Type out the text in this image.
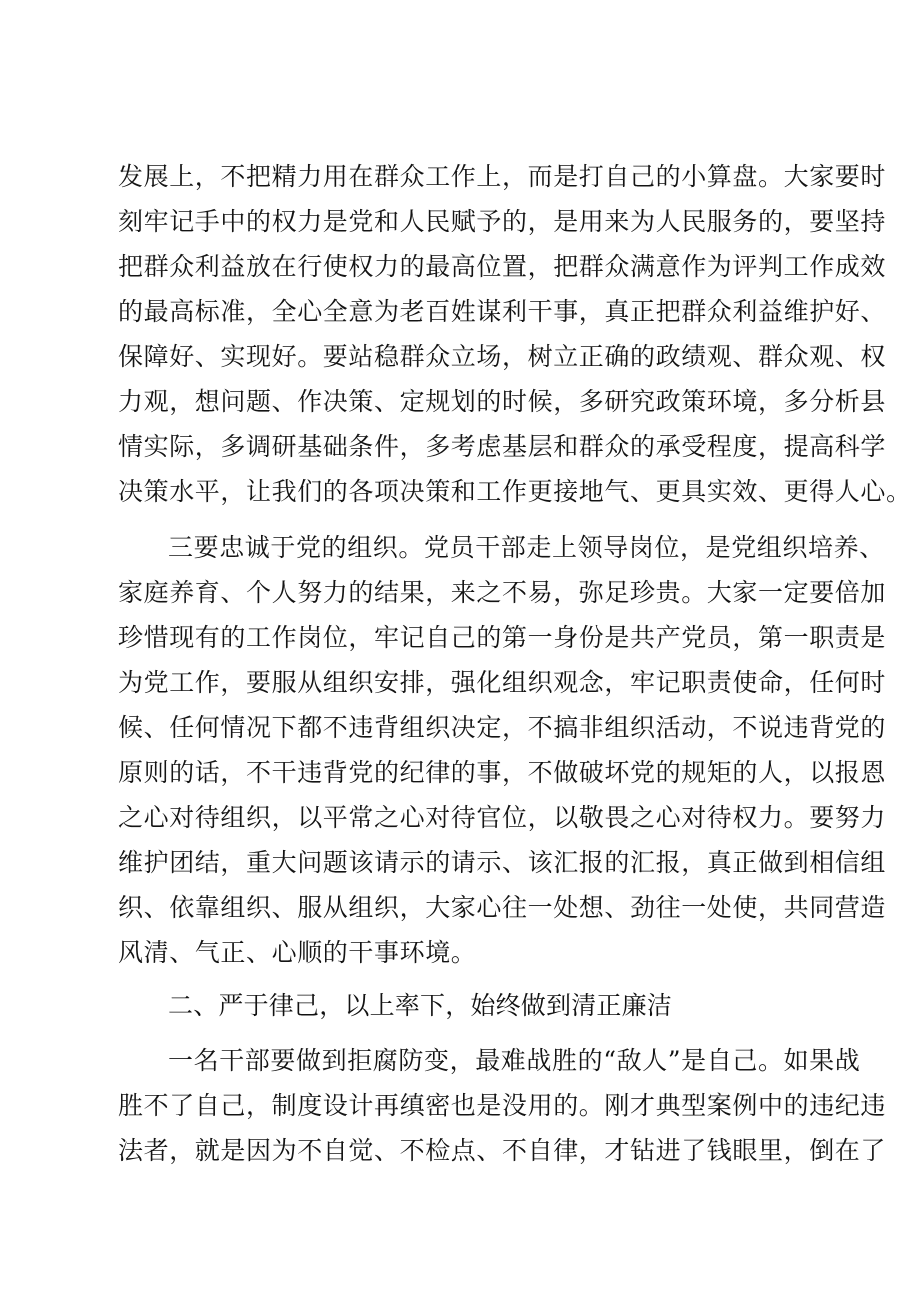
发展上，不把精力用在群众工作上，而是打自己的小算盘。大家要时
刻牢记手中的权力是党和人民赋予的，是用来为人民服务的，要坚持
把群众利益放在行使权力的最高位置，把群众满意作为评判工作成效
的最高标准，全心全意为老百姓谋利干事，真正把群众利益维护好、
保障好、实现好。要站稳群众立场，树立正确的政绩观、群众观、权
力观，想问题、作决策、定规划的时候，多研究政策环境，多分析县
情实际，多调研基础条件，多考虑基层和群众的承受程度，提高科学
决策水平，让我们的各项决策和工作更接地气、更具实效、更得人心。
三要忠诚于党的组织。党员干部走上领导岗位，是党组织培养、
家庭养育、个人努力的结果，来之不易，弥足珍贵。大家一定要倍加
珍惜现有的工作岗位，牢记自己的第一身份是共产党员，第一职责是
为党工作，要服从组织安排，强化组织观念，牢记职责使命，任何时
候、任何情况下都不违背组织决定，不搞非组织活动，不说违背党的
原则的话，不干违背党的纪律的事，不做破坏党的规矩的人，以报恩
之心对待组织，以平常之心对待官位，以敬畏之心对待权力。要努力
维护团结，重大问题该请示的请示、该汇报的汇报，真正做到相信组
织、依靠组织、服从组织，大家心往一处想、劲往一处使，共同营造
风清、气正、心顺的干事环境。
二、严于律己，以上率下，始终做到清正廉洁
一名干部要做到拒腐防变，最难战胜的“敌人”是自己。如果战
胜不了自己，制度设计再缜密也是没用的。刚才典型案例中的违纪违
法者，就是因为不自觉、不检点、不自律，才钻进了钱眼里，倒在了
